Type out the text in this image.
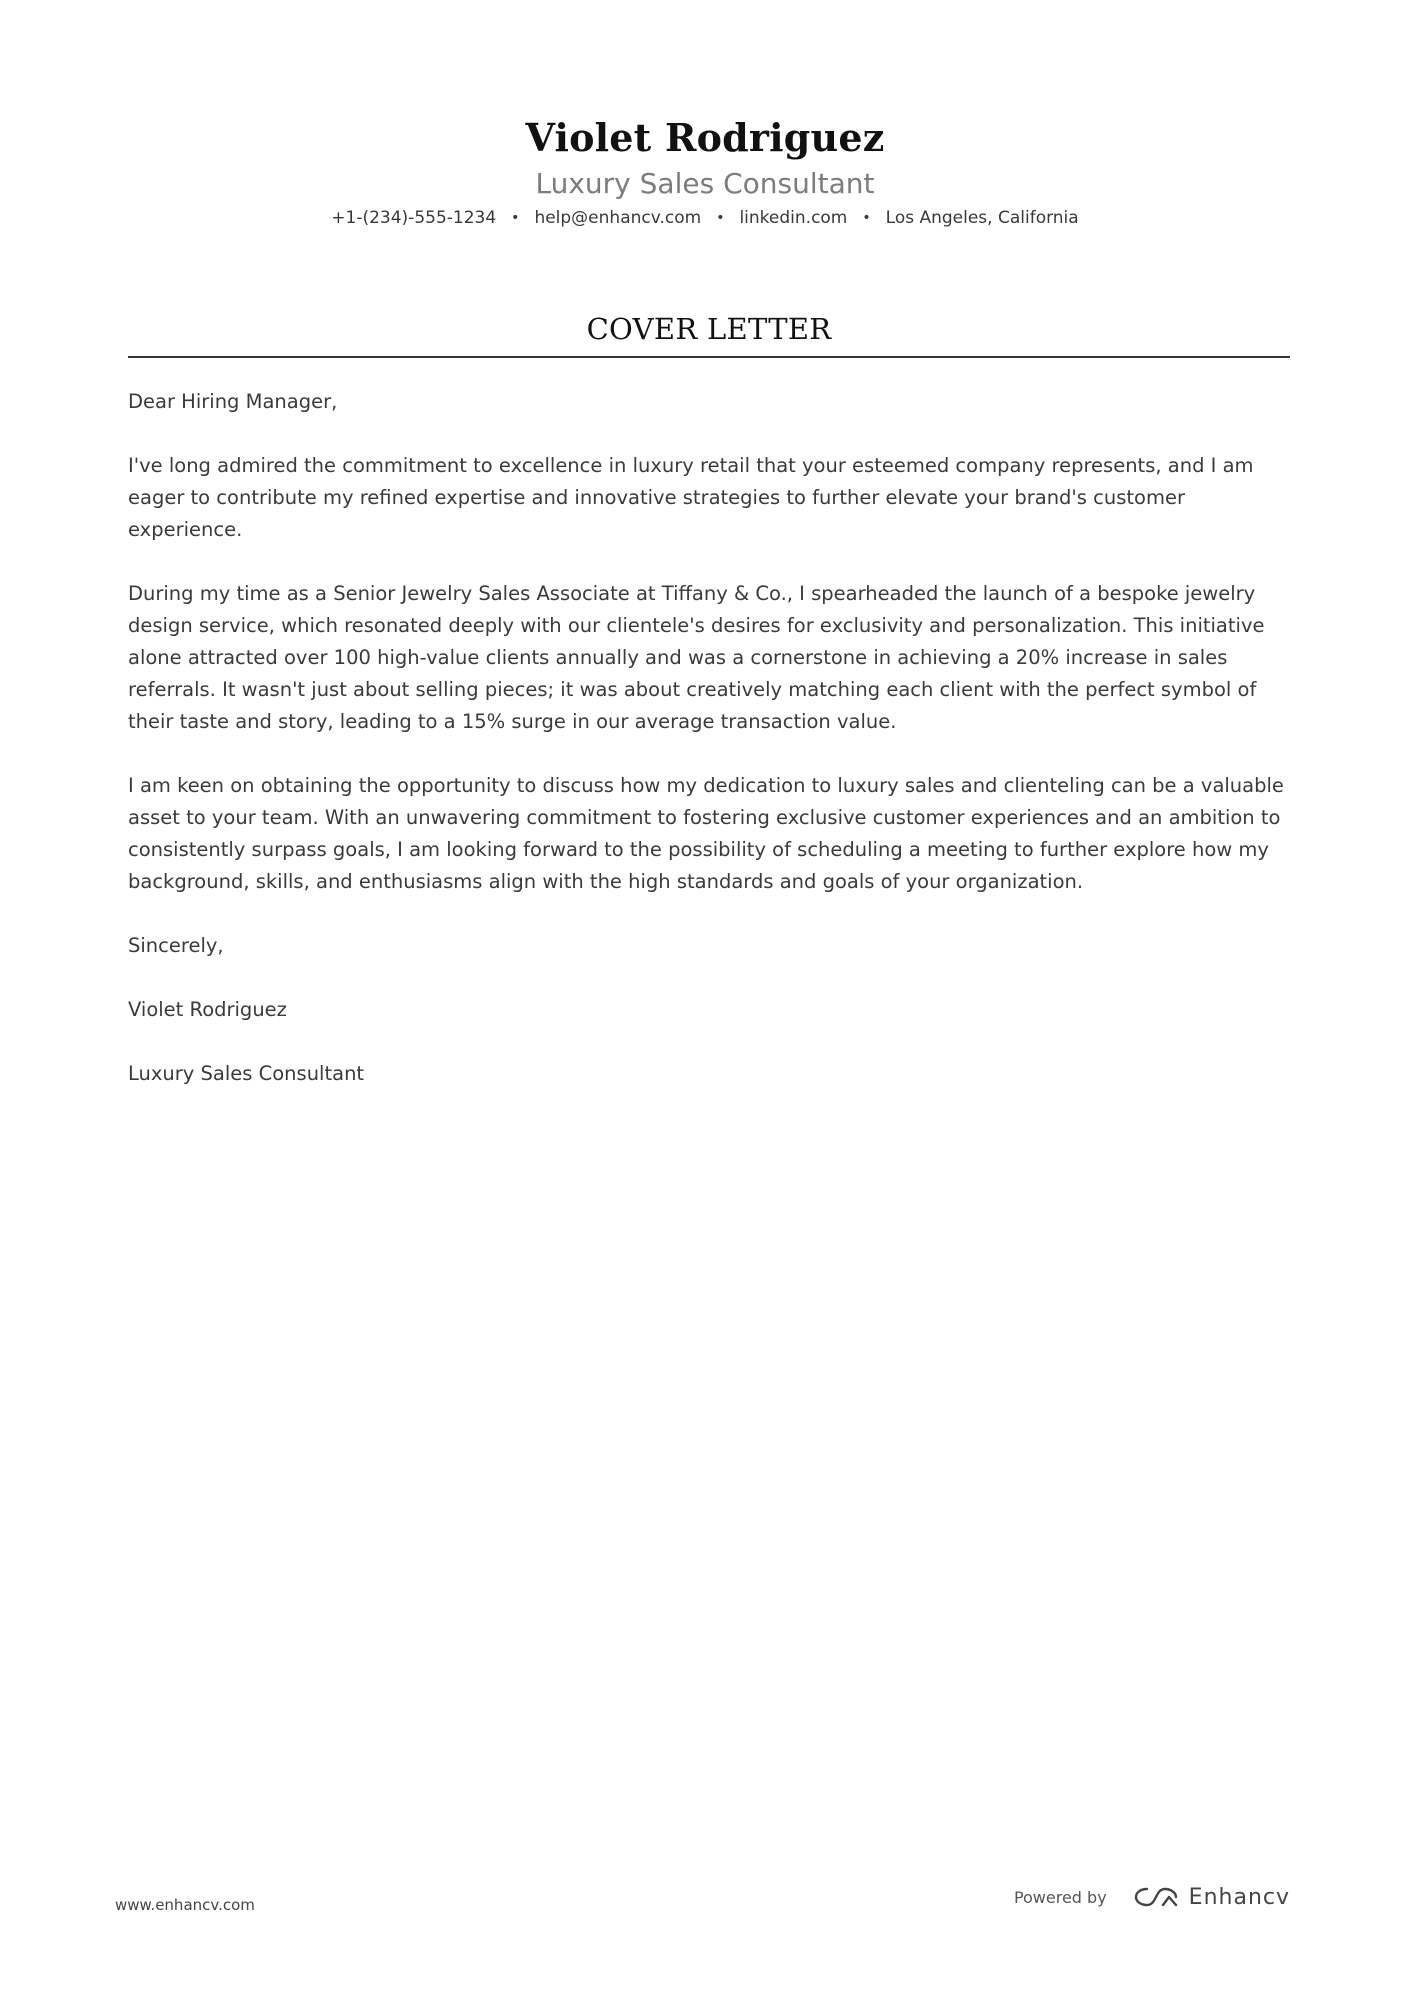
Violet Rodriguez
Luxury Sales Consultant
+1-(234)-555-1234 • help@enhancv.com • linkedin.com • Los Angeles, California
COVER LETTER

Dear Hiring Manager,

I've long admired the commitment to excellence in luxury retail that your esteemed company represents, and I am eager to contribute my refined expertise and innovative strategies to further elevate your brand's customer experience.

During my time as a Senior Jewelry Sales Associate at Tiffany & Co., I spearheaded the launch of a bespoke jewelry design service, which resonated deeply with our clientele's desires for exclusivity and personalization. This initiative alone attracted over 100 high-value clients annually and was a cornerstone in achieving a 20% increase in sales referrals. It wasn't just about selling pieces; it was about creatively matching each client with the perfect symbol of their taste and story, leading to a 15% surge in our average transaction value.

I am keen on obtaining the opportunity to discuss how my dedication to luxury sales and clienteling can be a valuable asset to your team. With an unwavering commitment to fostering exclusive customer experiences and an ambition to consistently surpass goals, I am looking forward to the possibility of scheduling a meeting to further explore how my background, skills, and enthusiasms align with the high standards and goals of your organization.

Sincerely,

Violet Rodriguez

Luxury Sales Consultant

www.enhancv.com	Powered by	Enhancv
